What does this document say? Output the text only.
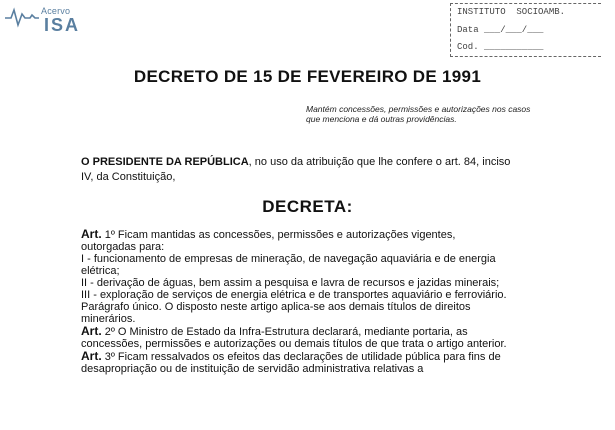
Acervo
ISA
INSTITUTO  SOCIOAMB.
Data ___/___/___
Cod. ___________
DECRETO DE 15 DE FEVEREIRO DE 1991
Mantém concessões, permissões e autorizações nos casos que menciona e dá outras providências.
O PRESIDENTE DA REPÚBLICA, no uso da atribuição que lhe confere o art. 84, inciso IV, da Constituição,
DECRETA:

Art. 1º Ficam mantidas as concessões, permissões e autorizações vigentes, outorgadas para:

I - funcionamento de empresas de mineração, de navegação aquaviária e de energia elétrica;

II - derivação de águas, bem assim a pesquisa e lavra de recursos e jazidas minerais;

III - exploração de serviços de energia elétrica e de transportes aquaviário e ferroviário.

Parágrafo único. O disposto neste artigo aplica-se aos demais títulos de direitos minerários.

Art. 2º O Ministro de Estado da Infra-Estrutura declarará, mediante portaria, as concessões, permissões e autorizações ou demais títulos de que trata o artigo anterior.

Art. 3º Ficam ressalvados os efeitos das declarações de utilidade pública para fins de desapropriação ou de instituição de servidão administrativa relativas a
